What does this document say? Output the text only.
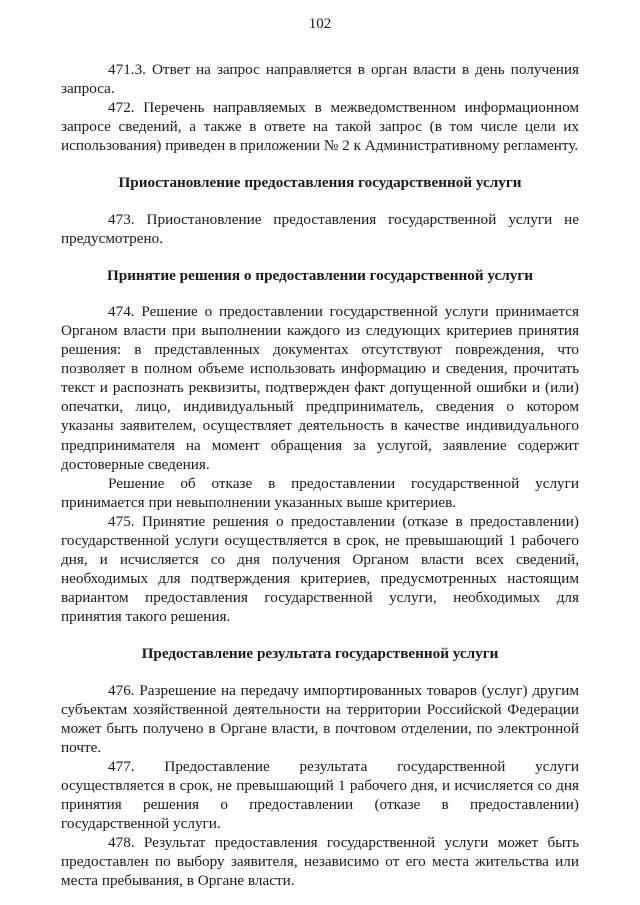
102

471.3. Ответ на запрос направляется в орган власти в день получения запроса.

472. Перечень направляемых в межведомственном информационном запросе сведений, а также в ответе на такой запрос (в том числе цели их использования) приведен в приложении № 2 к Административному регламенту.

Приостановление предоставления государственной услуги

473. Приостановление предоставления государственной услуги не предусмотрено.

Принятие решения о предоставлении государственной услуги

474. Решение о предоставлении государственной услуги принимается Органом власти при выполнении каждого из следующих критериев принятия решения: в представленных документах отсутствуют повреждения, что позволяет в полном объеме использовать информацию и сведения, прочитать текст и распознать реквизиты, подтвержден факт допущенной ошибки и (или) опечатки, лицо, индивидуальный предприниматель, сведения о котором указаны заявителем, осуществляет деятельность в качестве индивидуального предпринимателя на момент обращения за услугой, заявление содержит достоверные сведения.

Решение об отказе в предоставлении государственной услуги принимается при невыполнении указанных выше критериев.

475. Принятие решения о предоставлении (отказе в предоставлении) государственной услуги осуществляется в срок, не превышающий 1 рабочего дня, и исчисляется со дня получения Органом власти всех сведений, необходимых для подтверждения критериев, предусмотренных настоящим вариантом предоставления государственной услуги, необходимых для принятия такого решения.

Предоставление результата государственной услуги

476. Разрешение на передачу импортированных товаров (услуг) другим субъектам хозяйственной деятельности на территории Российской Федерации может быть получено в Органе власти, в почтовом отделении, по электронной почте.

477. Предоставление результата государственной услуги осуществляется в срок, не превышающий 1 рабочего дня, и исчисляется со дня принятия решения о предоставлении (отказе в предоставлении) государственной услуги.

478. Результат предоставления государственной услуги может быть предоставлен по выбору заявителя, независимо от его места жительства или места пребывания, в Органе власти.
